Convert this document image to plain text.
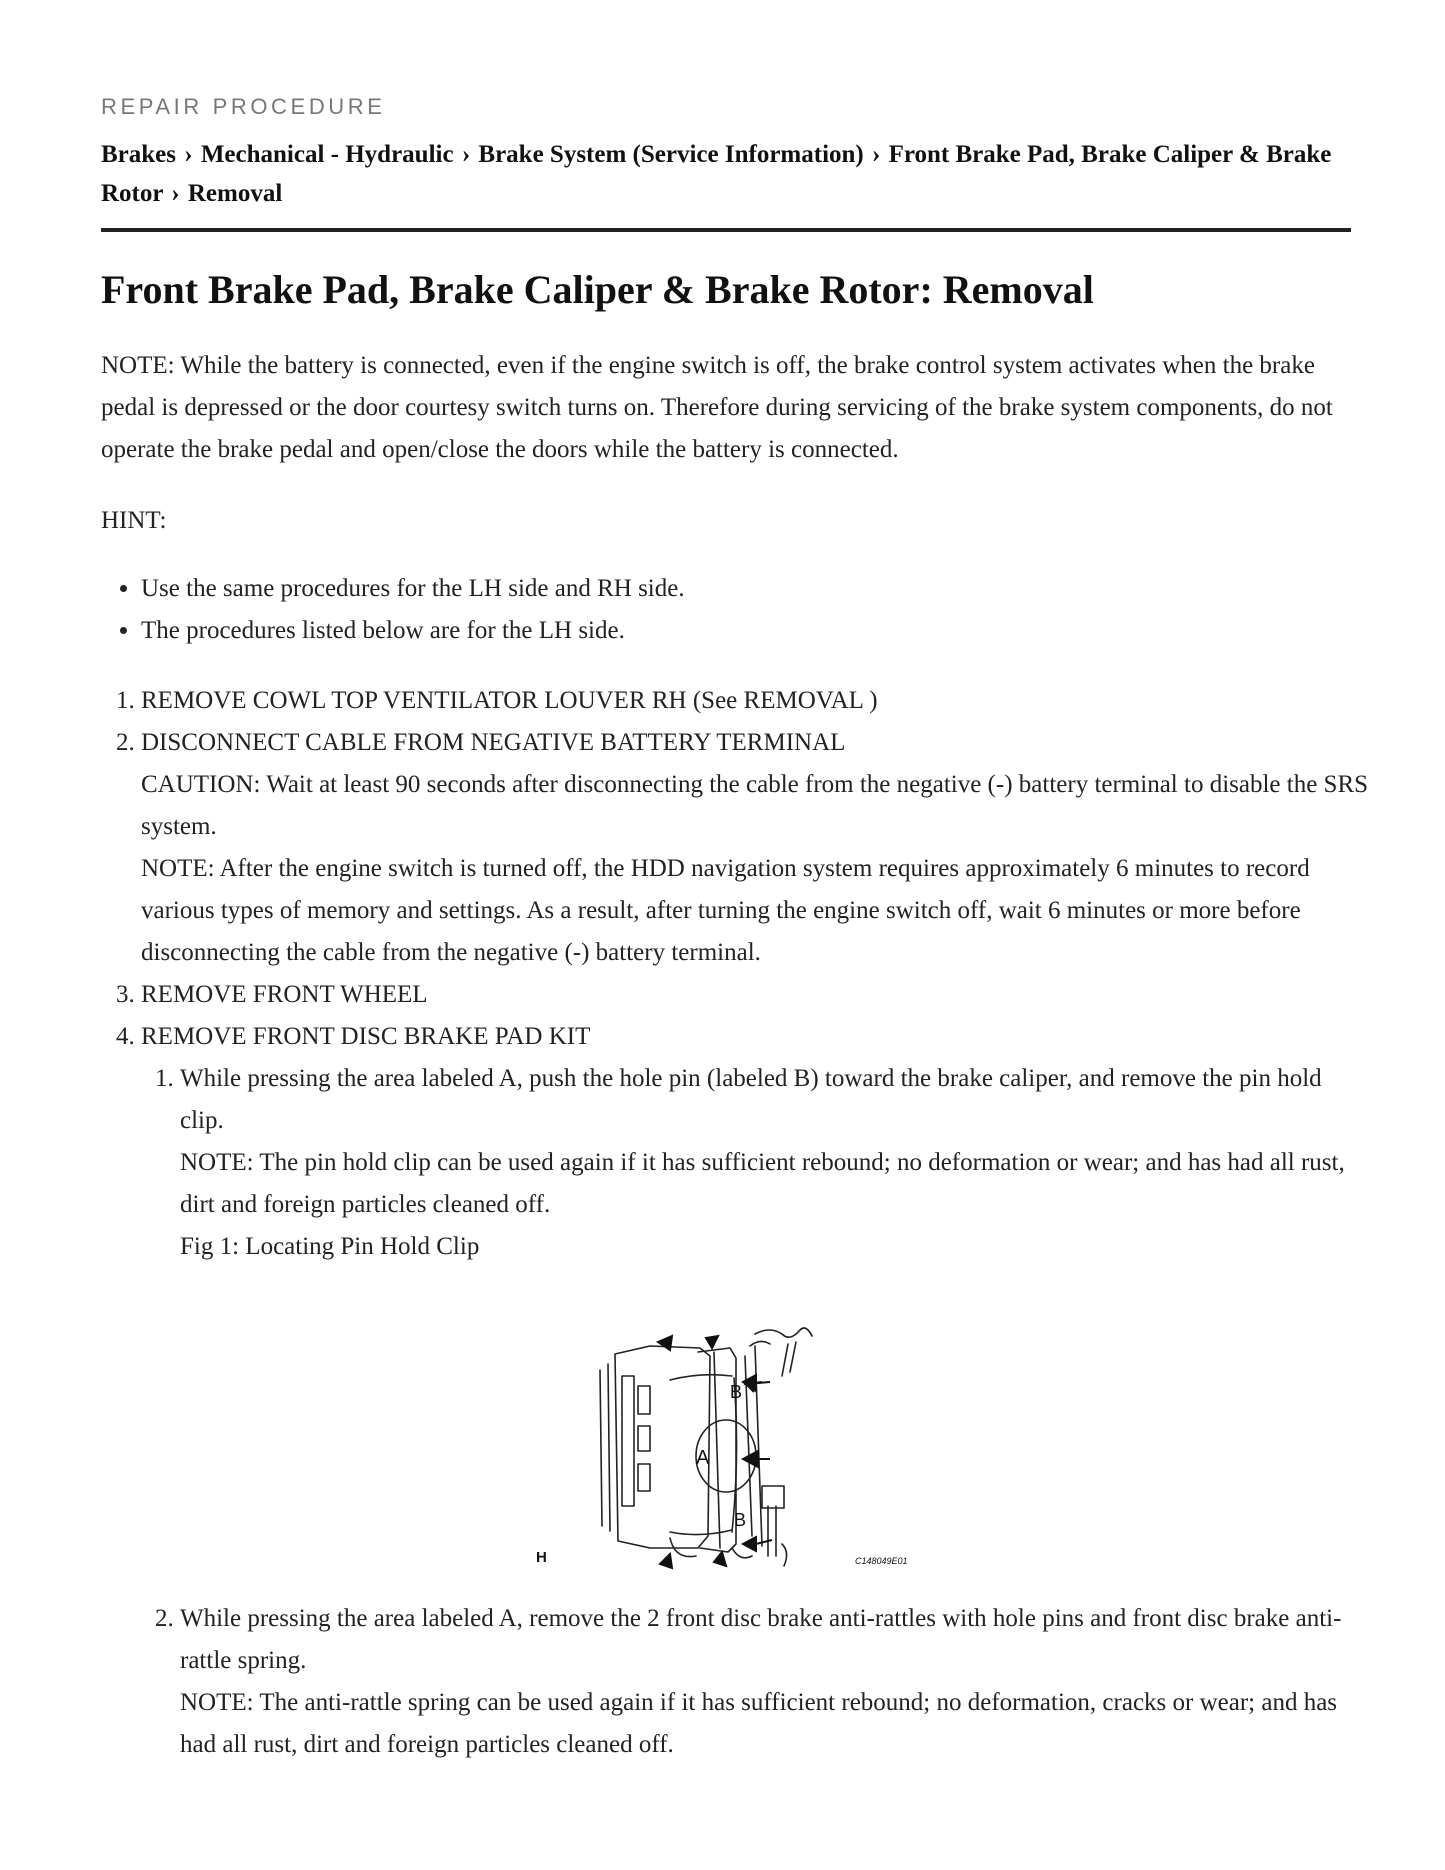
REPAIR PROCEDURE
Brakes › Mechanical - Hydraulic › Brake System (Service Information) › Front Brake Pad, Brake Caliper & Brake Rotor › Removal
Front Brake Pad, Brake Caliper & Brake Rotor: Removal

NOTE: While the battery is connected, even if the engine switch is off, the brake control system activates when the brake pedal is depressed or the door courtesy switch turns on. Therefore during servicing of the brake system components, do not operate the brake pedal and open/close the doors while the battery is connected.

HINT:

• Use the same procedures for the LH side and RH side.
• The procedures listed below are for the LH side.
1. REMOVE COWL TOP VENTILATOR LOUVER RH (See REMOVAL )
2. DISCONNECT CABLE FROM NEGATIVE BATTERY TERMINAL
CAUTION: Wait at least 90 seconds after disconnecting the cable from the negative (-) battery terminal to disable the SRS system.
NOTE: After the engine switch is turned off, the HDD navigation system requires approximately 6 minutes to record various types of memory and settings. As a result, after turning the engine switch off, wait 6 minutes or more before disconnecting the cable from the negative (-) battery terminal.
3. REMOVE FRONT WHEEL
4. REMOVE FRONT DISC BRAKE PAD KIT
1. While pressing the area labeled A, push the hole pin (labeled B) toward the brake caliper, and remove the pin hold clip.
NOTE: The pin hold clip can be used again if it has sufficient rebound; no deformation or wear; and has had all rust, dirt and foreign particles cleaned off.
Fig 1: Locating Pin Hold Clip
B
A
B
H	C148049E01
2. While pressing the area labeled A, remove the 2 front disc brake anti-rattles with hole pins and front disc brake anti-rattle spring.
NOTE: The anti-rattle spring can be used again if it has sufficient rebound; no deformation, cracks or wear; and has had all rust, dirt and foreign particles cleaned off.
